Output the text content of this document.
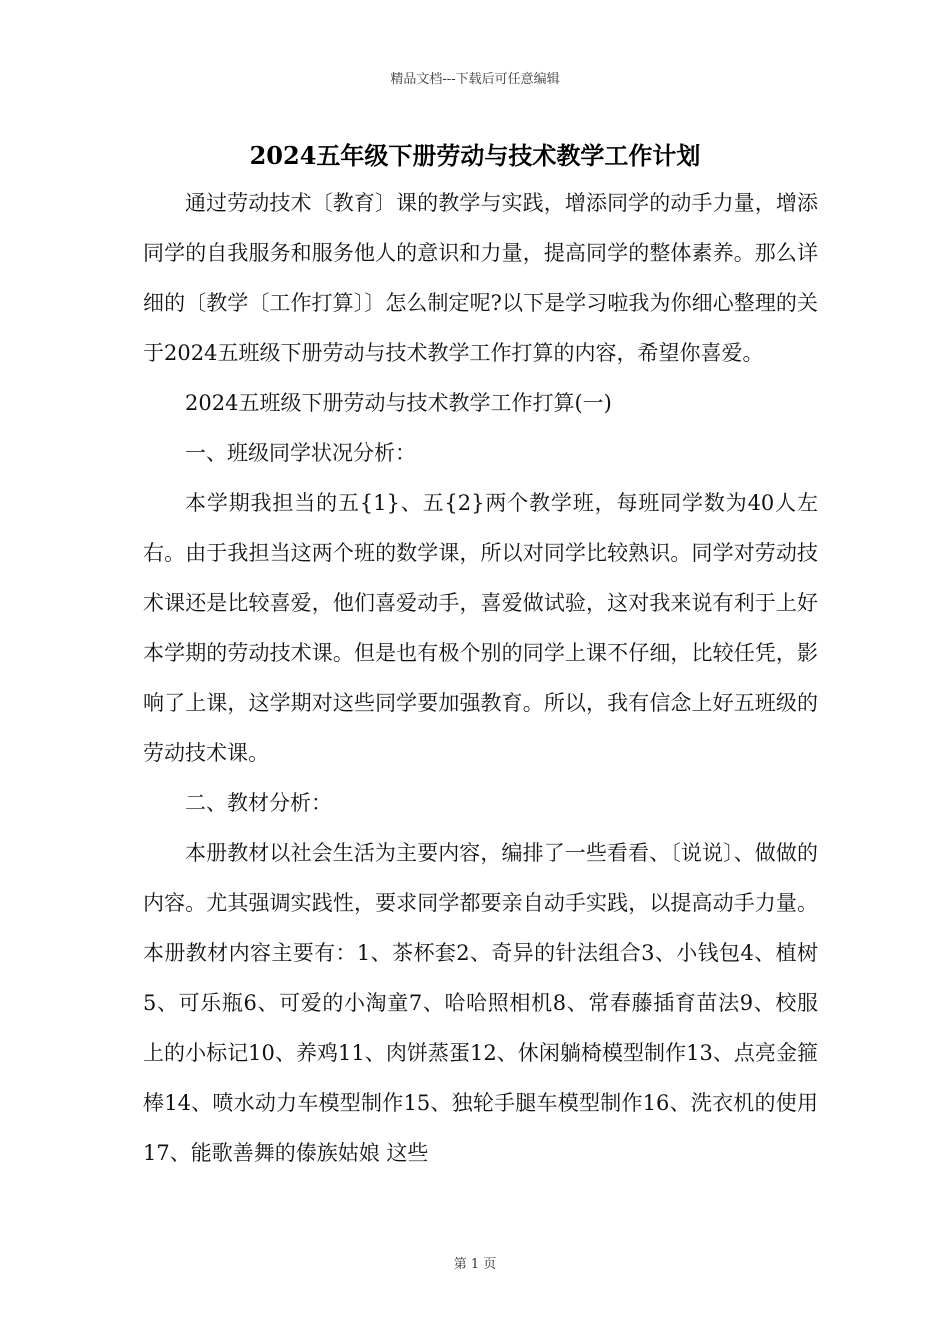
精品文档---下载后可任意编辑
2024五年级下册劳动与技术教学工作计划

通过劳动技术〔教育〕课的教学与实践，增添同学的动手力量，增添同学的自我服务和服务他人的意识和力量，提高同学的整体素养。那么详细的〔教学〔工作打算〕〕怎么制定呢?以下是学习啦我为你细心整理的关于2024五班级下册劳动与技术教学工作打算的内容，希望你喜爱。

2024五班级下册劳动与技术教学工作打算(一)

一、班级同学状况分析：

本学期我担当的五{1}、五{2}两个教学班，每班同学数为40人左右。由于我担当这两个班的数学课，所以对同学比较熟识。同学对劳动技术课还是比较喜爱，他们喜爱动手，喜爱做试验，这对我来说有利于上好本学期的劳动技术课。但是也有极个别的同学上课不仔细，比较任凭，影响了上课，这学期对这些同学要加强教育。所以，我有信念上好五班级的劳动技术课。

二、教材分析：

本册教材以社会生活为主要内容，编排了一些看看、〔说说〕、做做的内容。尤其强调实践性，要求同学都要亲自动手实践，以提高动手力量。本册教材内容主要有：1、茶杯套2、奇异的针法组合3、小钱包4、植树5、可乐瓶6、可爱的小淘童7、哈哈照相机8、常春藤插育苗法9、校服上的小标记10、养鸡11、肉饼蒸蛋12、休闲躺椅模型制作13、点亮金箍棒14、喷水动力车模型制作15、独轮手腿车模型制作16、洗衣机的使用17、能歌善舞的傣族姑娘 这些

第 1 页
